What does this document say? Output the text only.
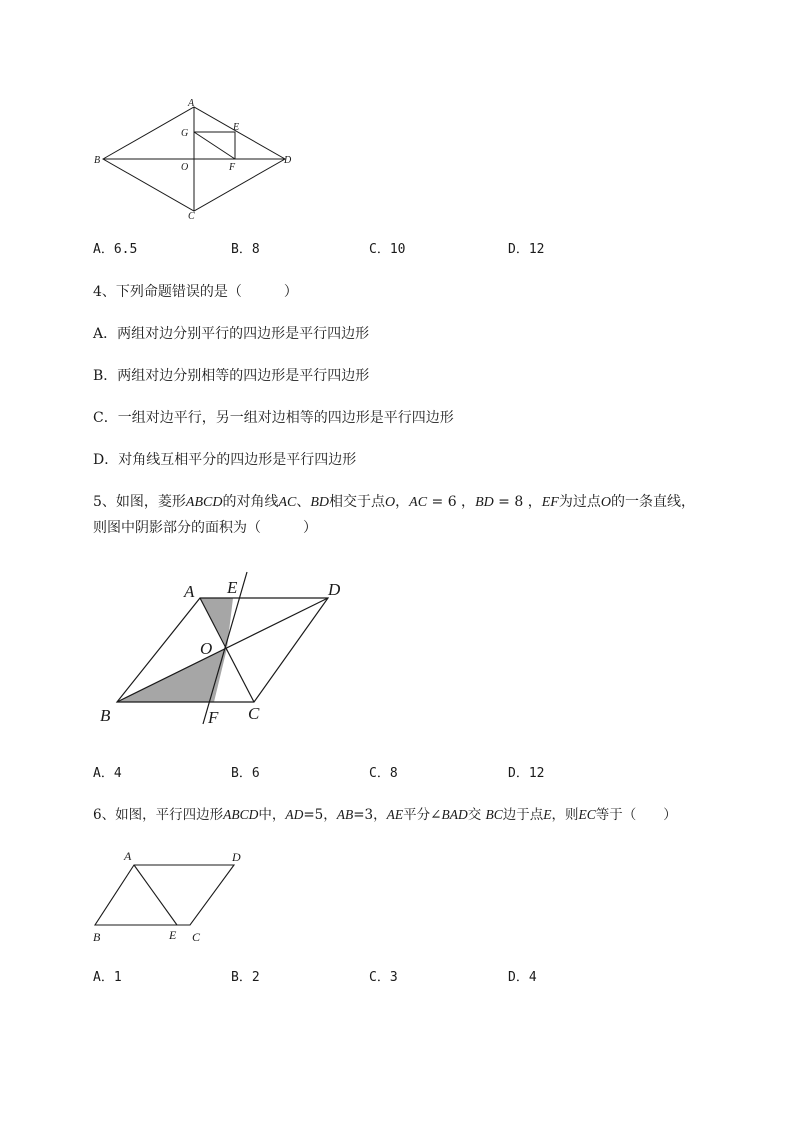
A
G
E
B
O	F
D
C
A．6.5	B．8	C．10	D．12
4、下列命题错误的是（　　　）
A．两组对边分别平行的四边形是平行四边形
B．两组对边分别相等的四边形是平行四边形
C．一组对边平行，另一组对边相等的四边形是平行四边形
D．对角线互相平分的四边形是平行四边形
5、如图，菱形ABCD的对角线AC、BD相交于点O，AC = 6 ，BD = 8 ，EF为过点O的一条直线，
则图中阴影部分的面积为（　　　）
A E	D
O
B	F C
A．4	B．6	C．8	D．12
6、如图，平行四边形ABCD中，AD=5，AB=3，AE平分∠BAD交 BC边于点E，则EC等于（　　）
A	D
B	E C
A．1	B．2	C．3	D．4
